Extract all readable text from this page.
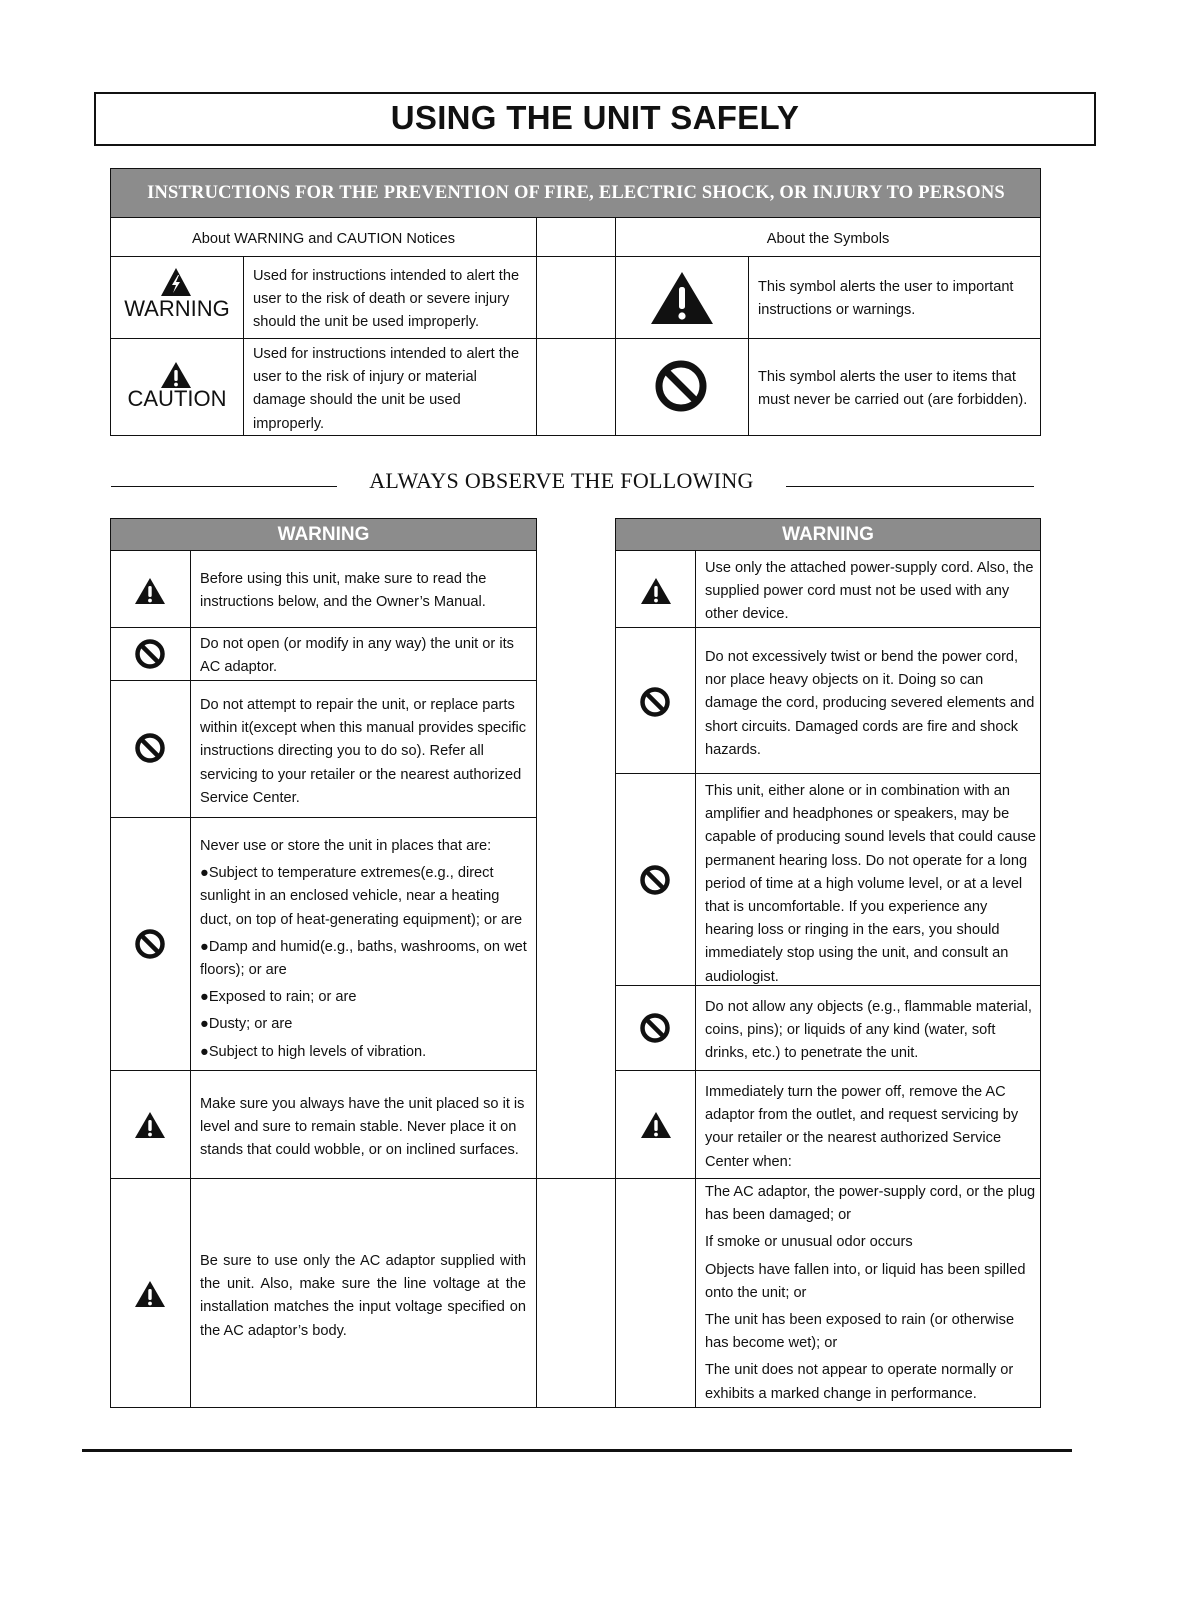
USING THE UNIT SAFELY
INSTRUCTIONS FOR THE PREVENTION OF FIRE, ELECTRIC SHOCK, OR INJURY TO PERSONS
About WARNING and CAUTION Notices	About the Symbols
WARNING
Used for instructions intended to alert the user to the risk of death or severe injury should the unit be used improperly.
This symbol alerts the user to important instructions or warnings.
CAUTION
Used for instructions intended to alert the user to the risk of injury or material damage should the unit be used improperly.
This symbol alerts the user to items that must never be carried out (are forbidden).
ALWAYS OBSERVE THE FOLLOWING
WARNING	WARNING
Before using this unit, make sure to read the instructions below, and the Owner’s Manual.
Do not open (or modify in any way) the unit or its AC adaptor.
Do not attempt to repair the unit, or replace parts within it(except when this manual provides specific instructions directing you to do so). Refer all servicing to your retailer or the nearest authorized Service Center.
Never use or store the unit in places that are:
●Subject to temperature extremes(e.g., direct sunlight in an enclosed vehicle, near a heating duct, on top of heat-generating equipment); or are
●Damp and humid(e.g., baths, washrooms, on wet floors); or are
●Exposed to rain; or are
●Dusty; or are
●Subject to high levels of vibration.
Make sure you always have the unit placed so it is level and sure to remain stable. Never place it on stands that could wobble, or on inclined surfaces.
Be sure to use only the AC adaptor supplied with the unit. Also, make sure the line voltage at the installation matches the input voltage specified on the AC adaptor’s body.
Use only the attached power-supply cord. Also, the supplied power cord must not be used with any other device.
Do not excessively twist or bend the power cord, nor place heavy objects on it. Doing so can damage the cord, producing severed elements and short circuits. Damaged cords are fire and shock hazards.
This unit, either alone or in combination with an amplifier and headphones or speakers, may be capable of producing sound levels that could cause permanent hearing loss. Do not operate for a long period of time at a high volume level, or at a level that is uncomfortable. If you experience any hearing loss or ringing in the ears, you should immediately stop using the unit, and consult an audiologist.
Do not allow any objects (e.g., flammable material, coins, pins); or liquids of any kind (water, soft drinks, etc.) to penetrate the unit.
Immediately turn the power off, remove the AC adaptor from the outlet, and request servicing by your retailer or the nearest authorized Service Center when:
The AC adaptor, the power-supply cord, or the plug has been damaged; or
If smoke or unusual odor occurs
Objects have fallen into, or liquid has been spilled onto the unit; or
The unit has been exposed to rain (or otherwise has become wet); or
The unit does not appear to operate normally or exhibits a marked change in performance.
